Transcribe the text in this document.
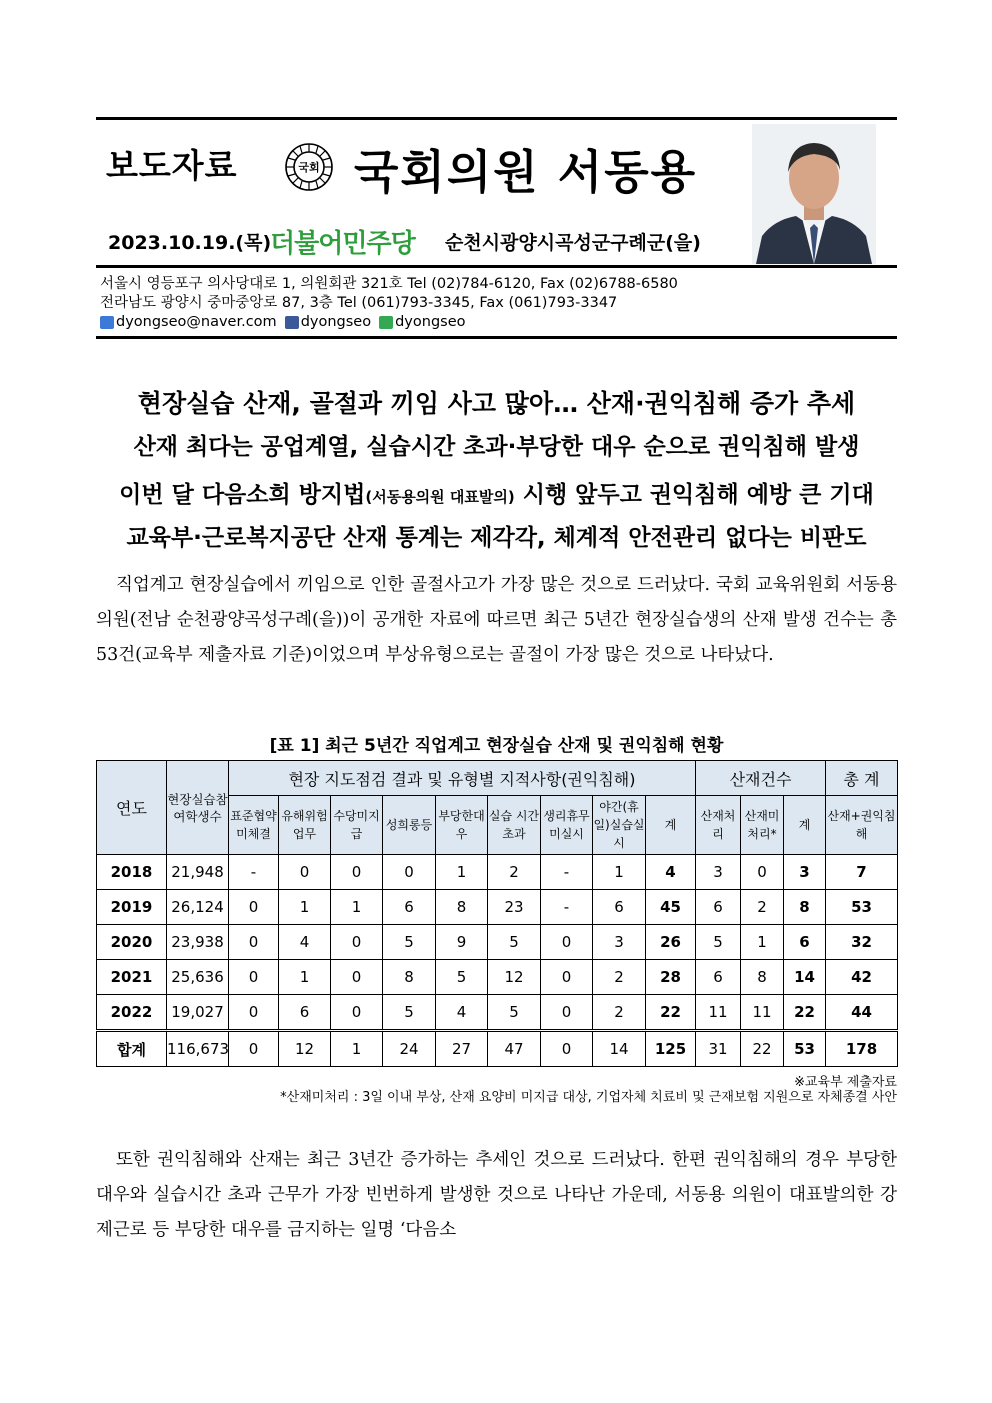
보도자료	국회 국회의원 서동용
2023.10.19.(목)
더불어민주당 순천시광양시곡성군구례군(을)
서울시 영등포구 의사당대로 1, 의원회관 321호 Tel (02)784-6120, Fax (02)6788-6580
전라남도 광양시 중마중앙로 87, 3층 Tel (061)793-3345, Fax (061)793-3347
dyongseo@naver.com dyongseo dyongseo
현장실습 산재, 골절과 끼임 사고 많아… 산재·권익침해 증가 추세
산재 최다는 공업계열, 실습시간 초과·부당한 대우 순으로 권익침해 발생
이번 달 다음소희 방지법(서동용의원 대표발의) 시행 앞두고 권익침해 예방 큰 기대
교육부·근로복지공단 산재 통계는 제각각, 체계적 안전관리 없다는 비판도
직업계고 현장실습에서 끼임으로 인한 골절사고가 가장 많은 것으로 드러났다. 국회 교육위원회 서동용 의원(전남 순천광양곡성구례(을))이 공개한 자료에 따르면 최근 5년간 현장실습생의 산재 발생 건수는 총 53건(교육부 제출자료 기준)이었으며 부상유형으로는 골절이 가장 많은 것으로 나타났다.
[표 1] 최근 5년간 직업계고 현장실습 산재 및 권익침해 현황
연도	현장실습참여학생수	현장 지도점검 결과 및 유형별 지적사항(권익침해)									산재건수			총 계
		표준협약미체결	유해위험업무	수당미지급	성희롱등	부당한대우	실습 시간초과	생리휴무미실시	야간(휴일)실습실시	계	산재처리	산재미처리*	계	산재+권익침해
2018	21,948	-	0	0	0	1	2	-	1	4	3	0	3	7
2019	26,124	0	1	1	6	8	23	-	6	45	6	2	8	53
2020	23,938	0	4	0	5	9	5	0	3	26	5	1	6	32
2021	25,636	0	1	0	8	5	12	0	2	28	6	8	14	42
2022	19,027	0	6	0	5	4	5	0	2	22	11	11	22	44
합계	116,673	0	12	1	24	27	47	0	14	125	31	22	53	178
※교육부 제출자료
*산재미처리 : 3일 이내 부상, 산재 요양비 미지급 대상, 기업자체 치료비 및 근재보험 지원으로 자체종결 사안
또한 권익침해와 산재는 최근 3년간 증가하는 추세인 것으로 드러났다. 한편 권익침해의 경우 부당한 대우와 실습시간 초과 근무가 가장 빈번하게 발생한 것으로 나타난 가운데, 서동용 의원이 대표발의한 강제근로 등 부당한 대우를 금지하는 일명 ‘다음소
